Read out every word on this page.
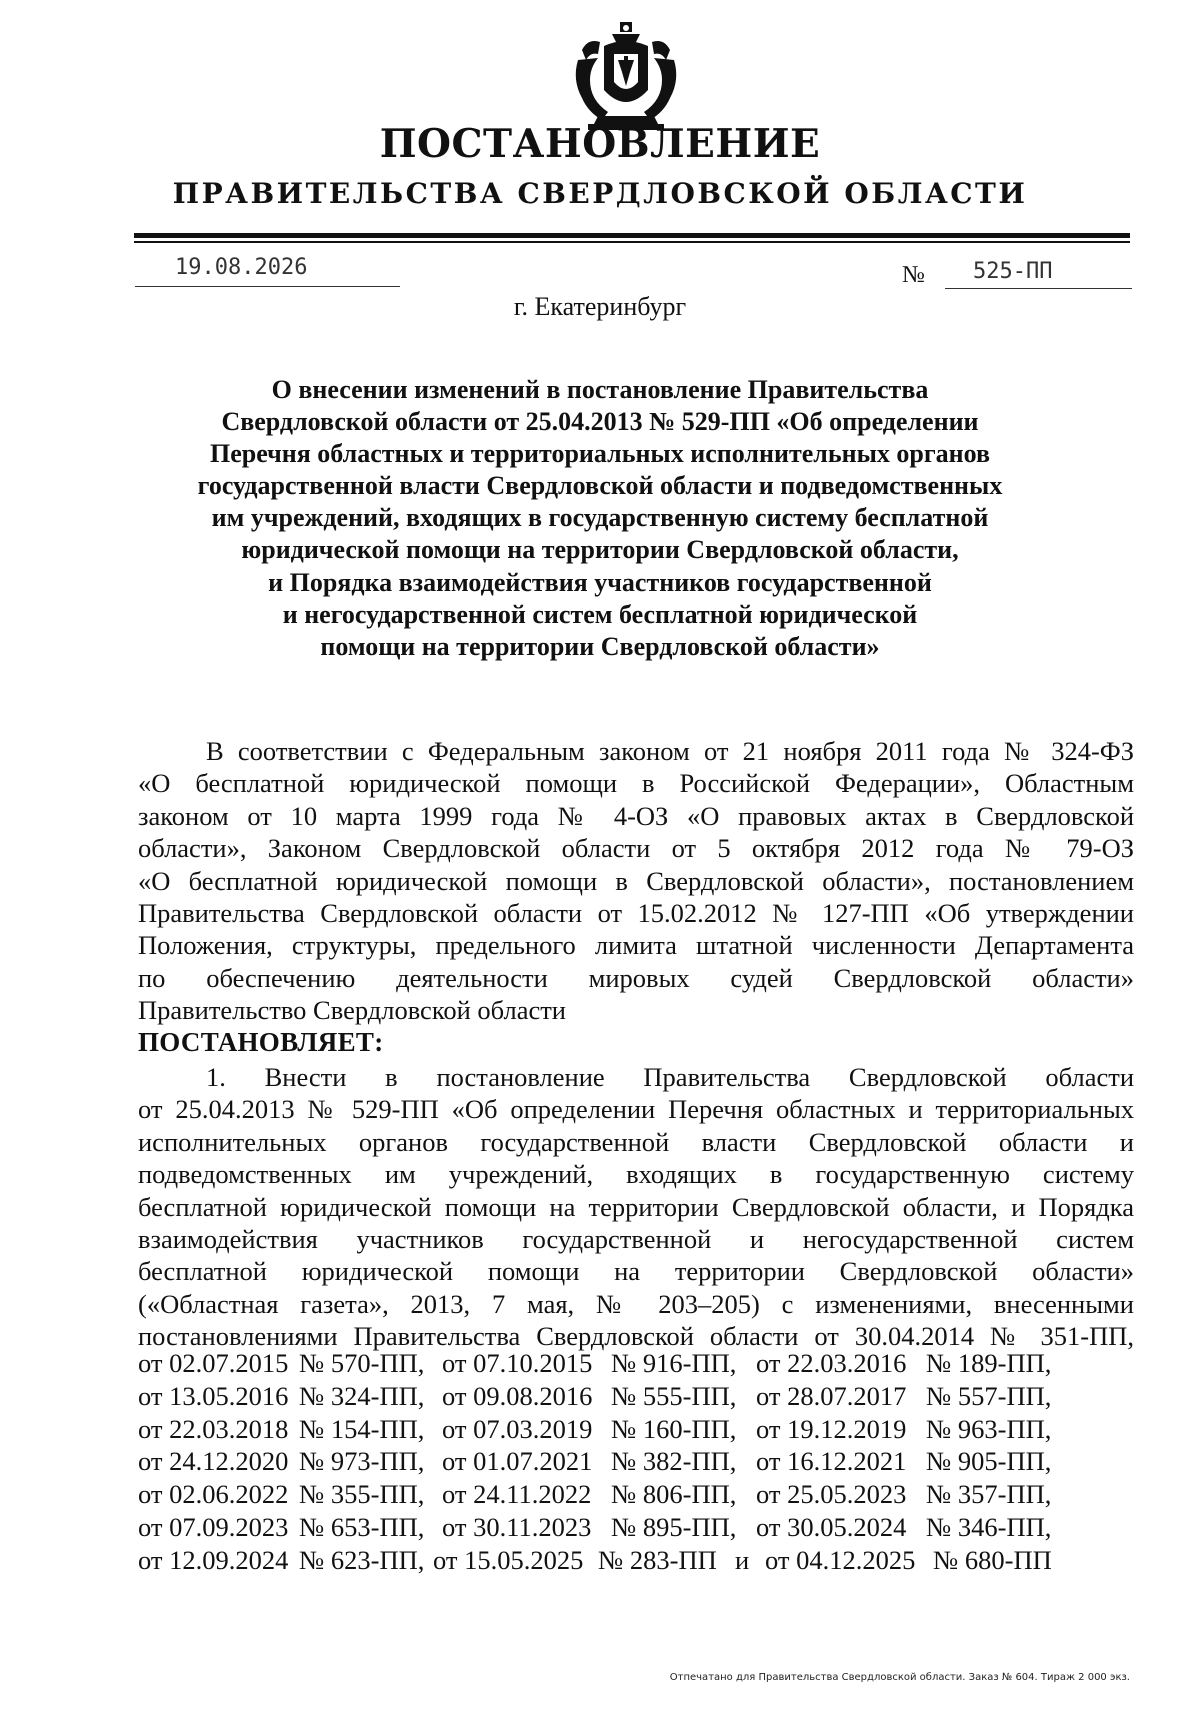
ПОСТАНОВЛЕНИЕ
ПРАВИТЕЛЬСТВА СВЕРДЛОВСКОЙ ОБЛАСТИ
19.08.2026	№ 525-ПП
г. Екатеринбург
О внесении изменений в постановление Правительства
Свердловской области от 25.04.2013 № 529-ПП «Об определении
Перечня областных и территориальных исполнительных органов
государственной власти Свердловской области и подведомственных
им учреждений, входящих в государственную систему бесплатной
юридической помощи на территории Свердловской области,
и Порядка взаимодействия участников государственной
и негосударственной систем бесплатной юридической
помощи на территории Свердловской области»
В соответствии с Федеральным законом от 21 ноября 2011 года № 324-ФЗ
«О бесплатной юридической помощи в Российской Федерации», Областным
законом от 10 марта 1999 года № 4-ОЗ «О правовых актах в Свердловской
области», Законом Свердловской области от 5 октября 2012 года № 79-ОЗ
«О бесплатной юридической помощи в Свердловской области», постановлением
Правительства Свердловской области от 15.02.2012 № 127-ПП «Об утверждении
Положения, структуры, предельного лимита штатной численности Департамента
по обеспечению деятельности мировых судей Свердловской области»
Правительство Свердловской области
ПОСТАНОВЛЯЕТ:
1. Внести в постановление Правительства Свердловской области
от 25.04.2013 № 529-ПП «Об определении Перечня областных и территориальных
исполнительных органов государственной власти Свердловской области и
подведомственных им учреждений, входящих в государственную систему
бесплатной юридической помощи на территории Свердловской области, и Порядка
взаимодействия участников государственной и негосударственной систем
бесплатной юридической помощи на территории Свердловской области»
(«Областная газета», 2013, 7 мая, № 203–205) с изменениями, внесенными
постановлениями Правительства Свердловской области от 30.04.2014 № 351-ПП,
от 02.07.2015 № 570-ПП, от 07.10.2015 № 916-ПП, от 22.03.2016 № 189-ПП,
от 13.05.2016 № 324-ПП, от 09.08.2016 № 555-ПП, от 28.07.2017 № 557-ПП,
от 22.03.2018 № 154-ПП, от 07.03.2019 № 160-ПП, от 19.12.2019 № 963-ПП,
от 24.12.2020 № 973-ПП, от 01.07.2021 № 382-ПП, от 16.12.2021 № 905-ПП,
от 02.06.2022 № 355-ПП, от 24.11.2022 № 806-ПП, от 25.05.2023 № 357-ПП,
от 07.09.2023 № 653-ПП, от 30.11.2023 № 895-ПП, от 30.05.2024 № 346-ПП,
от 12.09.2024 № 623-ПП, от 15.05.2025 № 283-ПП и от 04.12.2025 № 680-ПП
Отпечатано для Правительства Свердловской области. Заказ № 604. Тираж 2 000 экз.
